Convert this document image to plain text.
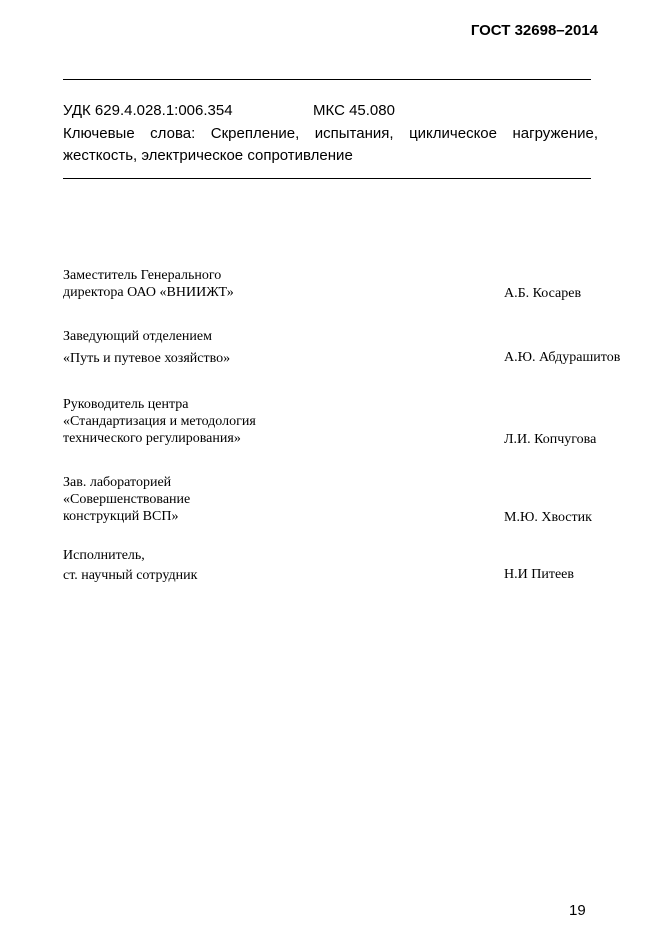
ГОСТ 32698–2014
УДК 629.4.028.1:006.354	МКС 45.080
Ключевые слова: Скрепление, испытания, циклическое нагружение, жесткость, электрическое сопротивление
Заместитель Генерального
директора ОАО «ВНИИЖТ»	А.Б. Косарев
Заведующий отделением
«Путь и путевое хозяйство»	А.Ю. Абдурашитов
Руководитель центра
«Стандартизация и методология
технического регулирования»	Л.И. Копчугова
Зав. лабораторией
«Совершенствование
конструкций ВСП»	М.Ю. Хвостик
Исполнитель,
ст. научный сотрудник	Н.И Питеев
19
